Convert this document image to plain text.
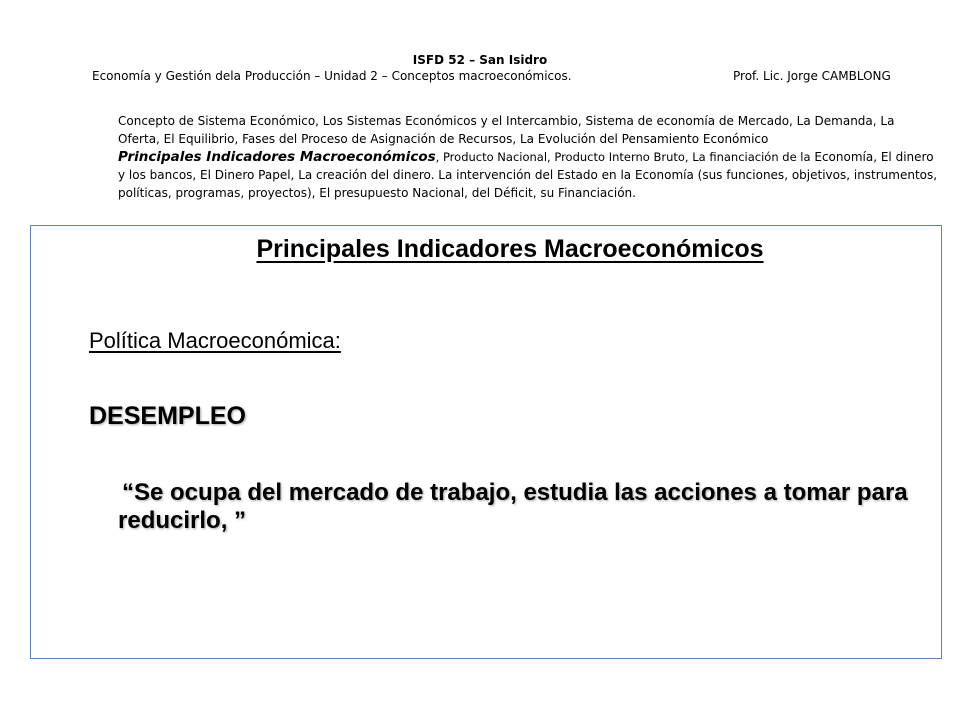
ISFD 52 – San Isidro
Economía y Gestión dela Producción – Unidad 2 – Conceptos macroeconómicos.	Prof. Lic. Jorge CAMBLONG
Concepto de Sistema Económico, Los Sistemas Económicos y el Intercambio, Sistema de economía de Mercado, La Demanda, La Oferta, El Equilibrio, Fases del Proceso de Asignación de Recursos, La Evolución del Pensamiento Económico
Principales Indicadores Macroeconómicos, Producto Nacional, Producto Interno Bruto, La financiación de la Economía, El dinero y los bancos, El Dinero Papel, La creación del dinero. La intervención del Estado en la Economía (sus funciones, objetivos, instrumentos, políticas, programas, proyectos), El presupuesto Nacional, del Déficit, su Financiación.
Principales Indicadores Macroeconómicos
Política Macroeconómica:
DESEMPLEO
“Se ocupa del mercado de trabajo, estudia las acciones a tomar para reducirlo, ”
